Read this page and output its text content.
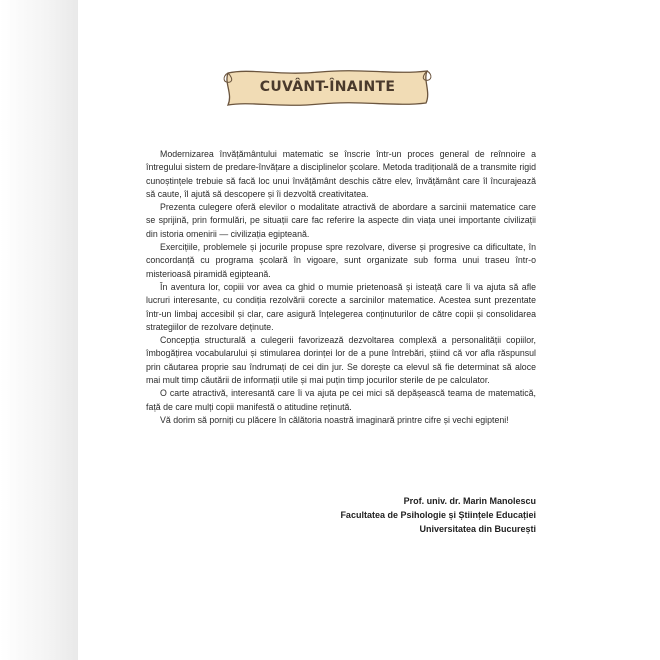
CUVÂNT-ÎNAINTE

Modernizarea învățământului matematic se înscrie într-un proces general de reînnoire a întregului sistem de predare-învățare a disciplinelor școlare. Metoda tradițională de a transmite rigid cunoștințele trebuie să facă loc unui învățământ deschis către elev, învățământ care îl încurajează să caute, îl ajută să descopere și îi dezvoltă creativitatea.

Prezenta culegere oferă elevilor o modalitate atractivă de abordare a sarcinii matematice care se sprijină, prin formulări, pe situații care fac referire la aspecte din viața unei importante civilizații din istoria omenirii — civilizația egipteană.

Exercițiile, problemele și jocurile propuse spre rezolvare, diverse și progresive ca dificultate, în concordanță cu programa școlară în vigoare, sunt organizate sub forma unui traseu într-o misterioasă piramidă egipteană.

În aventura lor, copiii vor avea ca ghid o mumie prietenoasă și isteață care îi va ajuta să afle lucruri interesante, cu condiția rezolvării corecte a sarcinilor matematice. Acestea sunt prezentate într-un limbaj accesibil și clar, care asigură înțelegerea conținuturilor de către copii și consolidarea strategiilor de rezolvare deținute.

Concepția structurală a culegerii favorizează dezvoltarea complexă a personalității copiilor, îmbogățirea vocabularului și stimularea dorinței lor de a pune întrebări, știind că vor afla răspunsul prin căutarea proprie sau îndrumați de cei din jur. Se dorește ca elevul să fie determinat să aloce mai mult timp căutării de informații utile și mai puțin timp jocurilor sterile de pe calculator.

O carte atractivă, interesantă care îi va ajuta pe cei mici să depășească teama de matematică, față de care mulți copii manifestă o atitudine reținută.

Vă dorim să porniți cu plăcere în călătoria noastră imaginară printre cifre și vechi egipteni!

Prof. univ. dr. Marin Manolescu
Facultatea de Psihologie și Științele Educației
Universitatea din București
